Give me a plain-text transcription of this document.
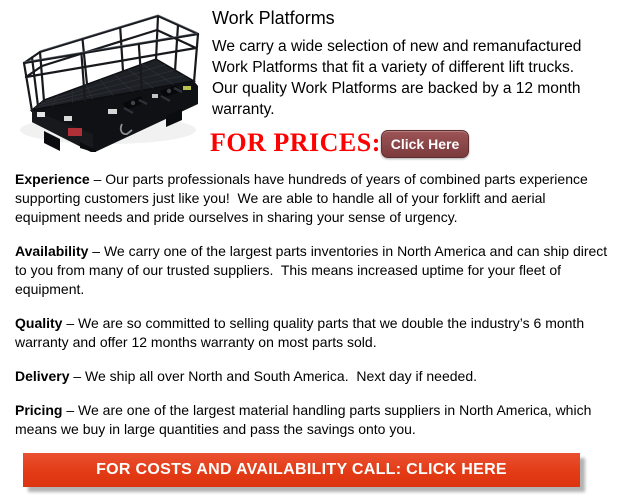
Work Platforms

We carry a wide selection of new and remanufactured Work Platforms that fit a variety of different lift trucks.  Our quality Work Platforms are backed by a 12 month warranty.

FOR PRICES: Click Here

Experience – Our parts professionals have hundreds of years of combined parts experience supporting customers just like you!  We are able to handle all of your forklift and aerial equipment needs and pride ourselves in sharing your sense of urgency.

Availability – We carry one of the largest parts inventories in North America and can ship direct to you from many of our trusted suppliers.  This means increased uptime for your fleet of equipment.

Quality – We are so committed to selling quality parts that we double the industry’s 6 month warranty and offer 12 months warranty on most parts sold.

Delivery – We ship all over North and South America.  Next day if needed.

Pricing – We are one of the largest material handling parts suppliers in North America, which means we buy in large quantities and pass the savings onto you.

FOR COSTS AND AVAILABILITY CALL: CLICK HERE
